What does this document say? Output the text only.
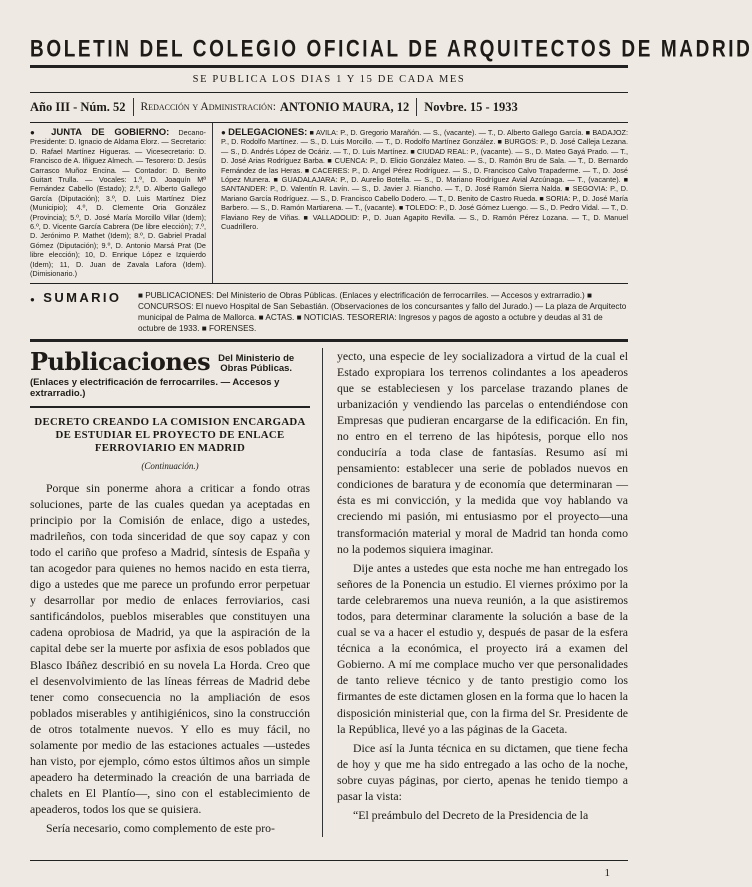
BOLETIN DEL COLEGIO OFICIAL DE ARQUITECTOS DE MADRID
SE PUBLICA LOS DIAS 1 Y 15 DE CADA MES
Año III - Núm. 52 Redacción y Administración: ANTONIO MAURA, 12 Novbre. 15 - 1933
● JUNTA DE GOBIERNO: Decano-Presidente: D. Ignacio de Aldama Elorz. — Secretario: D. Rafael Martínez Higueras. — Vicesecretario: D. Francisco de A. Iñiguez Almech. — Tesorero: D. Jesús Carrasco Muñoz Encina. — Contador: D. Benito Guitart Trulla. — Vocales: 1.º, D. Joaquín Mª Fernández Cabello (Estado); 2.º, D. Alberto Gallego García (Diputación); 3.º, D. Luis Martínez Díez (Municipio); 4.º, D. Clemente Oria González (Provincia); 5.º, D. José María Morcillo Villar (Idem); 6.º, D. Vicente García Cabrera (De libre elección); 7.º, D. Jerónimo P. Mathet (Idem); 8.º, D. Gabriel Pradal Gómez (Diputación); 9.º, D. Antonio Marsá Prat (De libre elección); 10, D. Enrique López e Izquierdo (Idem); 11, D. Juan de Zavala Lafora (Idem). (Dimisionario.)
● DELEGACIONES: ■ AVILA: P., D. Gregorio Marañón. — S., (vacante). — T., D. Alberto Gallego García. ■ BADAJOZ: P., D. Rodolfo Martínez. — S., D. Luis Morcillo. — T., D. Rodolfo Martínez González. ■ BURGOS: P., D. José Calleja Lezana. — S., D. Andrés López de Ocáriz. — T., D. Luis Martínez. ■ CIUDAD REAL: P., (vacante). — S., D. Mateo Gayá Prado. — T., D. José Arias Rodríguez Barba. ■ CUENCA: P., D. Elicio González Mateo. — S., D. Ramón Bru de Sala. — T., D. Bernardo Fernández de las Heras. ■ CACERES: P., D. Angel Pérez Rodríguez. — S., D. Francisco Calvo Trapaderme. — T., D. José López Munera. ■ GUADALAJARA: P., D. Aurelio Botella. — S., D. Mariano Rodríguez Avial Azcúnaga. — T., (vacante). ■ SANTANDER: P., D. Valentín R. Lavín. — S., D. Javier J. Riancho. — T., D. José Ramón Sierra Nalda. ■ SEGOVIA: P., D. Mariano García Rodríguez. — S., D. Francisco Cabello Dodero. — T., D. Benito de Castro Rueda. ■ SORIA: P., D. José María Barbero. — S., D. Ramón Martiarena. — T., (vacante). ■ TOLEDO: P., D. José Gómez Luengo. — S., D. Pedro Vidal. — T., D. Flaviano Rey de Viñas. ■ VALLADOLID: P., D. Juan Agapito Revilla. — S., D. Ramón Pérez Lozana. — T., D. Manuel Cuadrillero.
● SUMARIO	■ PUBLICACIONES: Del Ministerio de Obras Públicas. (Enlaces y electrificación de ferrocarriles. — Accesos y extrarradio.) ■ CONCURSOS: El nuevo Hospital de San Sebastián. (Observaciones de los concursantes y fallo del Jurado.) — La plaza de Arquitecto municipal de Palma de Mallorca. ■ ACTAS. ■ NOTICIAS. TESORERIA: Ingresos y pagos de agosto a octubre y deudas al 31 de octubre de 1933. ■ FORENSES.
Publicaciones Del Ministerio de
Obras Públicas.
(Enlaces y electrificación de ferrocarriles. — Accesos y extrarradio.)
DECRETO CREANDO LA COMISION ENCARGADA DE ESTUDIAR EL PROYECTO DE ENLACE FERROVIARIO EN MADRID
(Continuación.)

Porque sin ponerme ahora a criticar a fondo otras soluciones, parte de las cuales quedan ya aceptadas en principio por la Comisión de enlace, digo a ustedes, madrileños, con toda sinceridad de que soy capaz y con todo el cariño que profeso a Madrid, síntesis de España y tan acogedor para quienes no hemos nacido en esta tierra, digo a ustedes que me parece un profundo error perpetuar y desarrollar por medio de enlaces ferroviarios, casi santificándolos, pueblos miserables que constituyen una cadena oprobiosa de Madrid, ya que la aspiración de la capital debe ser la muerte por asfixia de esos poblados que Blasco Ibáñez describió en su novela La Horda. Creo que el desenvolvimiento de las líneas férreas de Madrid debe tener como consecuencia no la ampliación de esos poblados miserables y antihigiénicos, sino la construcción de otros totalmente nuevos. Y ello es muy fácil, no solamente por medio de las estaciones actuales —ustedes han visto, por ejemplo, cómo estos últimos años un simple apeadero ha determinado la creación de una barriada de chalets en El Plantío—, sino con el establecimiento de apeaderos, todos los que se quisiera.

Sería necesario, como complemento de este pro-

yecto, una especie de ley socializadora a virtud de la cual el Estado expropiara los terrenos colindantes a los apeaderos que se estableciesen y los parcelase trazando planes de urbanización y vendiendo las parcelas o entendiéndose con Empresas que pudieran encargarse de la edificación. En fin, no entro en el terreno de las hipótesis, porque ello nos conduciría a toda clase de fantasías. Resumo así mi pensamiento: establecer una serie de poblados nuevos en condiciones de baratura y de economía que determinaran —ésta es mi convicción, y la medida que voy hablando va creciendo mi pasión, mi entusiasmo por el proyecto—una transformación material y moral de Madrid tan honda como no la podemos siquiera imaginar.

Dije antes a ustedes que esta noche me han entregado los señores de la Ponencia un estudio. El viernes próximo por la tarde celebraremos una nueva reunión, a la que asistiremos todos, para determinar claramente la solución a base de la cual se va a hacer el estudio y, después de pasar de la esfera técnica a la económica, el proyecto irá a examen del Gobierno. A mí me complace mucho ver que personalidades de tanto relieve técnico y de tanto prestigio como los firmantes de este dictamen glosen en la forma que lo hacen la disposición ministerial que, con la firma del Sr. Presidente de la República, llevé yo a las páginas de la Gaceta.

Dice así la Junta técnica en su dictamen, que tiene fecha de hoy y que me ha sido entregado a las ocho de la noche, sobre cuyas páginas, por cierto, apenas he tenido tiempo a pasar la vista:

“El preámbulo del Decreto de la Presidencia de la

1
